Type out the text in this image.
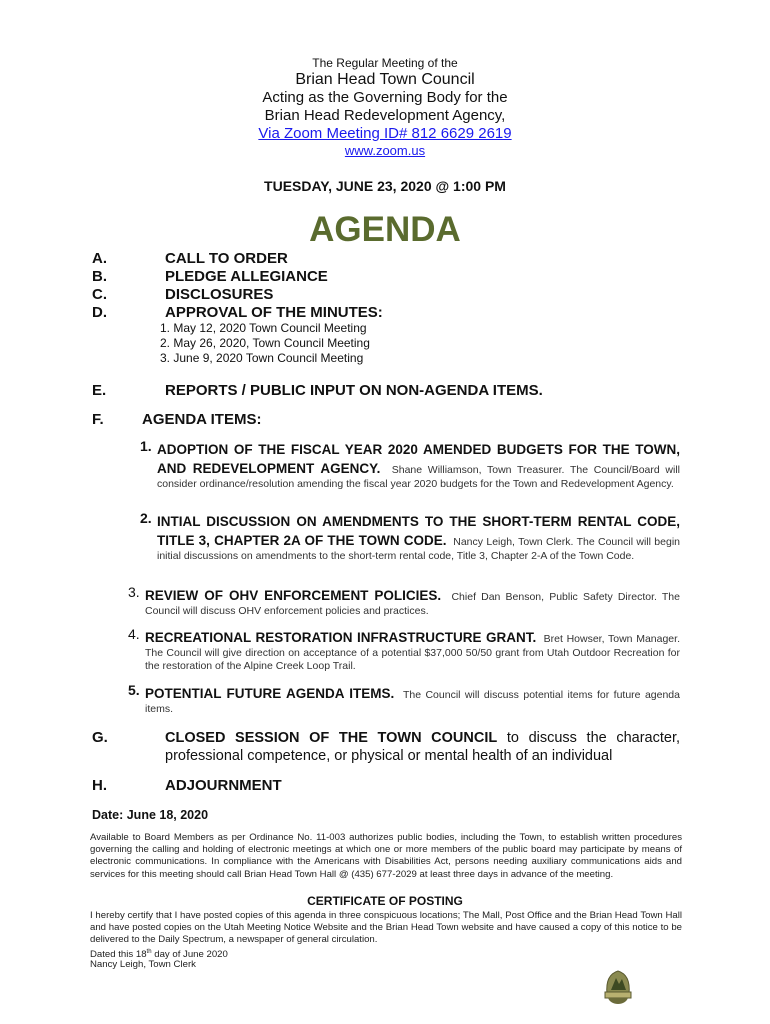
The Regular Meeting of the
Brian Head Town Council
Acting as the Governing Body for the
Brian Head Redevelopment Agency,
Via Zoom Meeting ID# 812 6629 2619
www.zoom.us
TUESDAY, JUNE 23, 2020 @ 1:00 PM
AGENDA
A.	CALL TO ORDER
B.	PLEDGE ALLEGIANCE
C.	DISCLOSURES
D.	APPROVAL OF THE MINUTES:
1. May 12, 2020 Town Council Meeting
2. May 26, 2020, Town Council Meeting
3. June 9, 2020 Town Council Meeting
E.	REPORTS / PUBLIC INPUT ON NON-AGENDA ITEMS.
F.	AGENDA ITEMS:
1. ADOPTION OF THE FISCAL YEAR 2020 AMENDED BUDGETS FOR THE TOWN, AND REDEVELOPMENT AGENCY. Shane Williamson, Town Treasurer. The Council/Board will consider ordinance/resolution amending the fiscal year 2020 budgets for the Town and Redevelopment Agency.
2. INTIAL DISCUSSION ON AMENDMENTS TO THE SHORT-TERM RENTAL CODE, TITLE 3, CHAPTER 2A OF THE TOWN CODE. Nancy Leigh, Town Clerk. The Council will begin initial discussions on amendments to the short-term rental code, Title 3, Chapter 2-A of the Town Code.
3. REVIEW OF OHV ENFORCEMENT POLICIES. Chief Dan Benson, Public Safety Director. The Council will discuss OHV enforcement policies and practices.
4. RECREATIONAL RESTORATION INFRASTRUCTURE GRANT. Bret Howser, Town Manager. The Council will give direction on acceptance of a potential $37,000 50/50 grant from Utah Outdoor Recreation for the restoration of the Alpine Creek Loop Trail.
5. POTENTIAL FUTURE AGENDA ITEMS. The Council will discuss potential items for future agenda items.
G.	CLOSED SESSION OF THE TOWN COUNCIL to discuss the character, professional competence, or physical or mental health of an individual
H.	ADJOURNMENT
Date: June 18, 2020
Available to Board Members as per Ordinance No. 11-003 authorizes public bodies, including the Town, to establish written procedures governing the calling and holding of electronic meetings at which one or more members of the public board may participate by means of electronic communications. In compliance with the Americans with Disabilities Act, persons needing auxiliary communications aids and services for this meeting should call Brian Head Town Hall @ (435) 677-2029 at least three days in advance of the meeting.
CERTIFICATE OF POSTING
I hereby certify that I have posted copies of this agenda in three conspicuous locations; The Mall, Post Office and the Brian Head Town Hall and have posted copies on the Utah Meeting Notice Website and the Brian Head Town website and have caused a copy of this notice to be delivered to the Daily Spectrum, a newspaper of general circulation.
Dated this 18th day of June 2020
Nancy Leigh, Town Clerk
